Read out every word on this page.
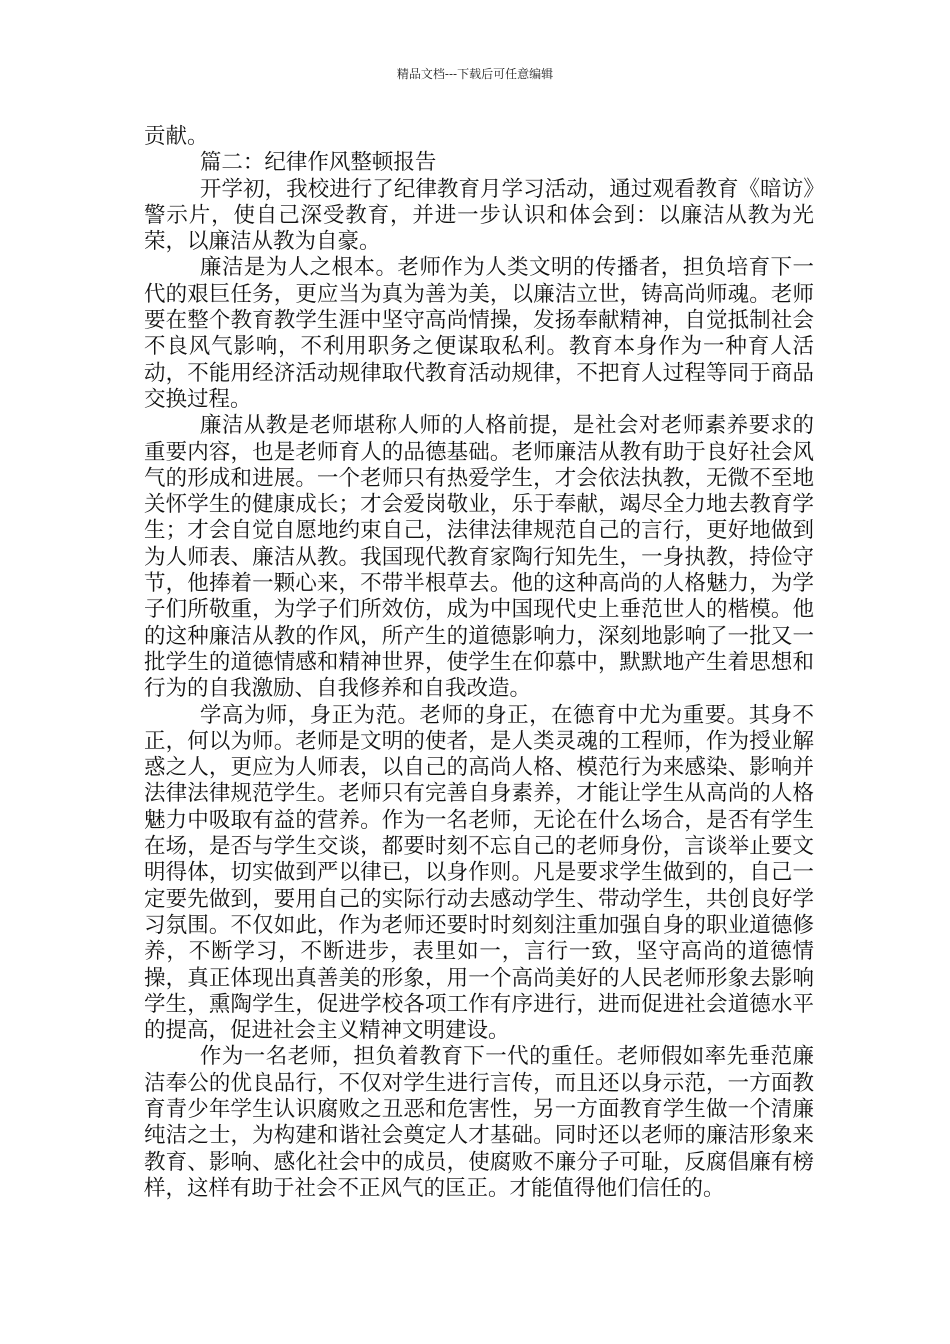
精品文档---下载后可任意编辑

贡献。

篇二：纪律作风整顿报告

开学初，我校进行了纪律教育月学习活动，通过观看教育《暗访》警示片，使自己深受教育，并进一步认识和体会到：以廉洁从教为光荣，以廉洁从教为自豪。

廉洁是为人之根本。老师作为人类文明的传播者，担负培育下一代的艰巨任务，更应当为真为善为美，以廉洁立世，铸高尚师魂。老师要在整个教育教学生涯中坚守高尚情操，发扬奉献精神，自觉抵制社会不良风气影响，不利用职务之便谋取私利。教育本身作为一种育人活动，不能用经济活动规律取代教育活动规律，不把育人过程等同于商品交换过程。

廉洁从教是老师堪称人师的人格前提，是社会对老师素养要求的重要内容，也是老师育人的品德基础。老师廉洁从教有助于良好社会风气的形成和进展。一个老师只有热爱学生，才会依法执教，无微不至地关怀学生的健康成长；才会爱岗敬业，乐于奉献，竭尽全力地去教育学生；才会自觉自愿地约束自己，法律法律规范自己的言行，更好地做到为人师表、廉洁从教。我国现代教育家陶行知先生，一身执教，持俭守节，他捧着一颗心来，不带半根草去。他的这种高尚的人格魅力，为学子们所敬重，为学子们所效仿，成为中国现代史上垂范世人的楷模。他的这种廉洁从教的作风，所产生的道德影响力，深刻地影响了一批又一批学生的道德情感和精神世界，使学生在仰慕中，默默地产生着思想和行为的自我激励、自我修养和自我改造。

学高为师，身正为范。老师的身正，在德育中尤为重要。其身不正，何以为师。老师是文明的使者，是人类灵魂的工程师，作为授业解惑之人，更应为人师表，以自己的高尚人格、模范行为来感染、影响并法律法律规范学生。老师只有完善自身素养，才能让学生从高尚的人格魅力中吸取有益的营养。作为一名老师，无论在什么场合，是否有学生在场，是否与学生交谈，都要时刻不忘自己的老师身份，言谈举止要文明得体，切实做到严以律已，以身作则。凡是要求学生做到的，自己一定要先做到，要用自己的实际行动去感动学生、带动学生，共创良好学习氛围。不仅如此，作为老师还要时时刻刻注重加强自身的职业道德修养，不断学习，不断进步，表里如一，言行一致，坚守高尚的道德情操，真正体现出真善美的形象，用一个高尚美好的人民老师形象去影响学生，熏陶学生，促进学校各项工作有序进行，进而促进社会道德水平的提高，促进社会主义精神文明建设。

作为一名老师，担负着教育下一代的重任。老师假如率先垂范廉洁奉公的优良品行，不仅对学生进行言传，而且还以身示范，一方面教育青少年学生认识腐败之丑恶和危害性，另一方面教育学生做一个清廉纯洁之士，为构建和谐社会奠定人才基础。同时还以老师的廉洁形象来教育、影响、感化社会中的成员，使腐败不廉分子可耻，反腐倡廉有榜样，这样有助于社会不正风气的匡正。才能值得他们信任的。
